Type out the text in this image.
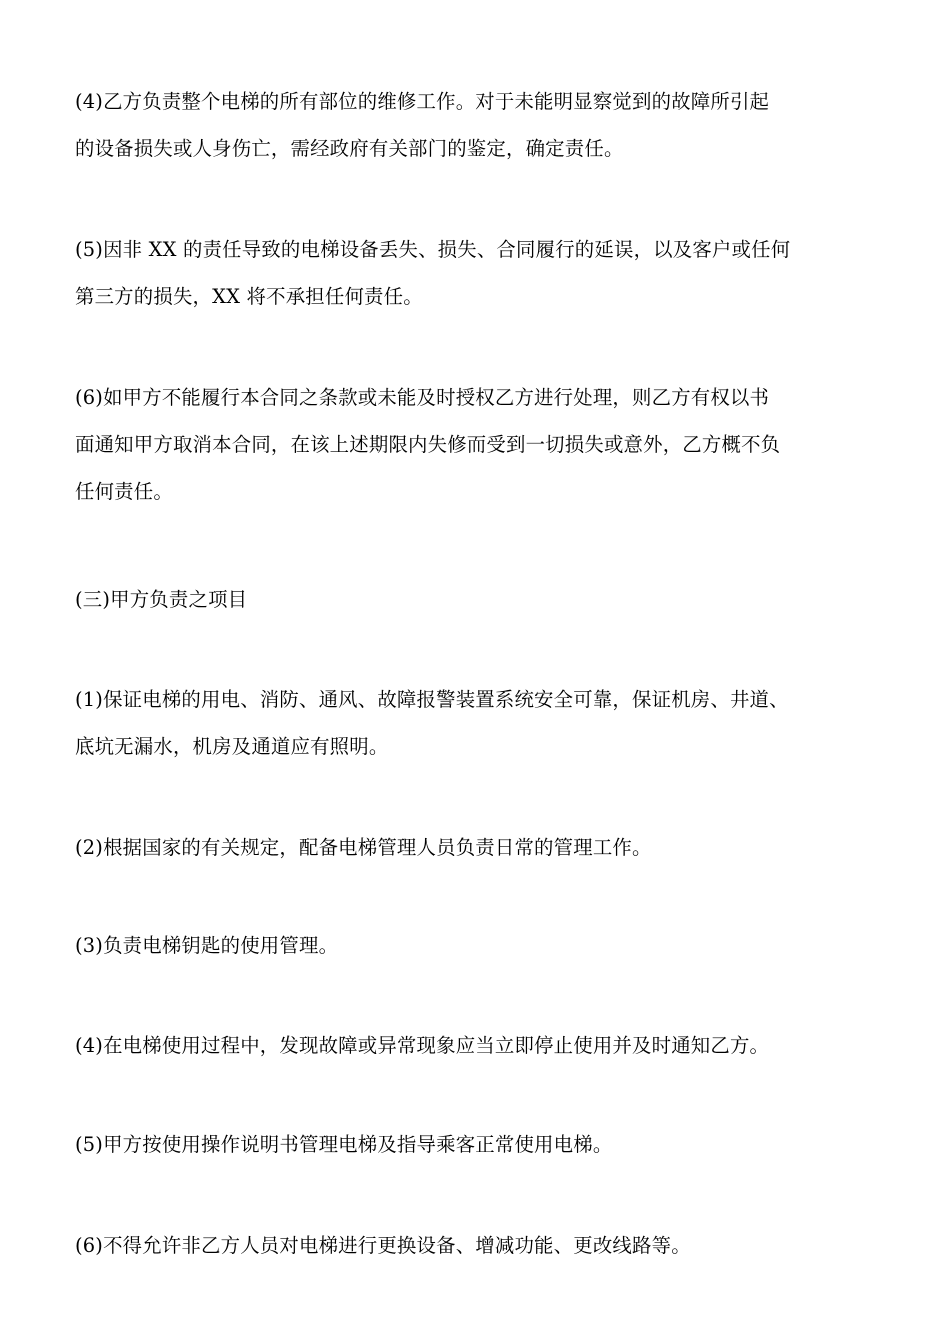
(4)乙方负责整个电梯的所有部位的维修工作。对于未能明显察觉到的故障所引起
的设备损失或人身伤亡，需经政府有关部门的鉴定，确定责任。

(5)因非 XX 的责任导致的电梯设备丢失、损失、合同履行的延误，以及客户或任何
第三方的损失，XX 将不承担任何责任。

(6)如甲方不能履行本合同之条款或未能及时授权乙方进行处理，则乙方有权以书
面通知甲方取消本合同，在该上述期限内失修而受到一切损失或意外，乙方概不负
任何责任。

(三)甲方负责之项目

(1)保证电梯的用电、消防、通风、故障报警装置系统安全可靠，保证机房、井道、
底坑无漏水，机房及通道应有照明。

(2)根据国家的有关规定，配备电梯管理人员负责日常的管理工作。

(3)负责电梯钥匙的使用管理。

(4)在电梯使用过程中，发现故障或异常现象应当立即停止使用并及时通知乙方。

(5)甲方按使用操作说明书管理电梯及指导乘客正常使用电梯。

(6)不得允许非乙方人员对电梯进行更换设备、增减功能、更改线路等。
